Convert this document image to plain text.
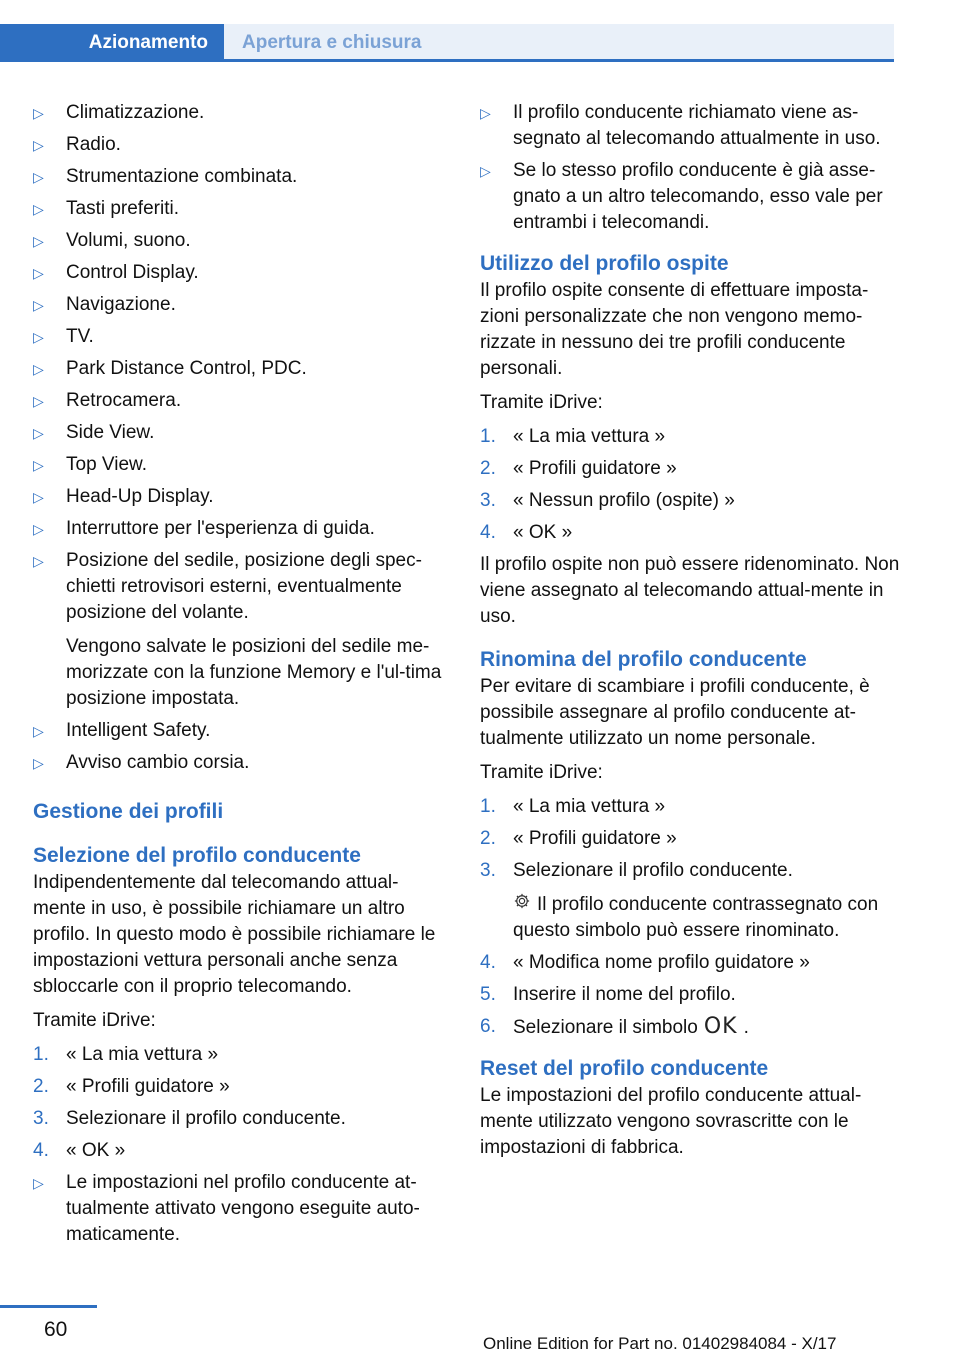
Azionamento Apertura e chiusura
▷	Climatizzazione.
▷	Radio.
▷	Strumentazione combinata.
▷	Tasti preferiti.
▷	Volumi, suono.
▷	Control Display.
▷	Navigazione.
▷	TV.
▷	Park Distance Control, PDC.
▷	Retrocamera.
▷	Side View.
▷	Top View.
▷	Head-Up Display.
▷	Interruttore per l'esperienza di guida.
▷	Posizione del sedile, posizione degli spec-chietti retrovisori esterni, eventualmente posizione del volante.

Vengono salvate le posizioni del sedile me-morizzate con la funzione Memory e l'ul-tima posizione impostata.

▷	Intelligent Safety.
▷	Avviso cambio corsia.
Gestione dei profili
Selezione del profilo conducente

Indipendentemente dal telecomando attual-mente in uso, è possibile richiamare un altro profilo. In questo modo è possibile richiamare le impostazioni vettura personali anche senza sbloccarle con il proprio telecomando.

Tramite iDrive:

1. « La mia vettura »
2. « Profili guidatore »
3. Selezionare il profilo conducente.
4. « OK »
▷	Le impostazioni nel profilo conducente at-tualmente attivato vengono eseguite auto-maticamente.
▷	Il profilo conducente richiamato viene as-segnato al telecomando attualmente in uso.
▷	Se lo stesso profilo conducente è già asse-gnato a un altro telecomando, esso vale per entrambi i telecomandi.
Utilizzo del profilo ospite

Il profilo ospite consente di effettuare imposta-zioni personalizzate che non vengono memo-rizzate in nessuno dei tre profili conducente personali.

Tramite iDrive:

1. « La mia vettura »
2. « Profili guidatore »
3. « Nessun profilo (ospite) »
4. « OK »

Il profilo ospite non può essere ridenominato. Non viene assegnato al telecomando attual-mente in uso.

Rinomina del profilo conducente

Per evitare di scambiare i profili conducente, è possibile assegnare al profilo conducente at-tualmente utilizzato un nome personale.

Tramite iDrive:

1. « La mia vettura »
2. « Profili guidatore »
3. Selezionare il profilo conducente.

Il profilo conducente contrassegnato con questo simbolo può essere rinominato.

4. « Modifica nome profilo guidatore »
5. Inserire il nome del profilo.
6. Selezionare il simbolo OK .
Reset del profilo conducente

Le impostazioni del profilo conducente attual-mente utilizzato vengono sovrascritte con le impostazioni di fabbrica.

60
Online Edition for Part no. 01402984084 - X/17
